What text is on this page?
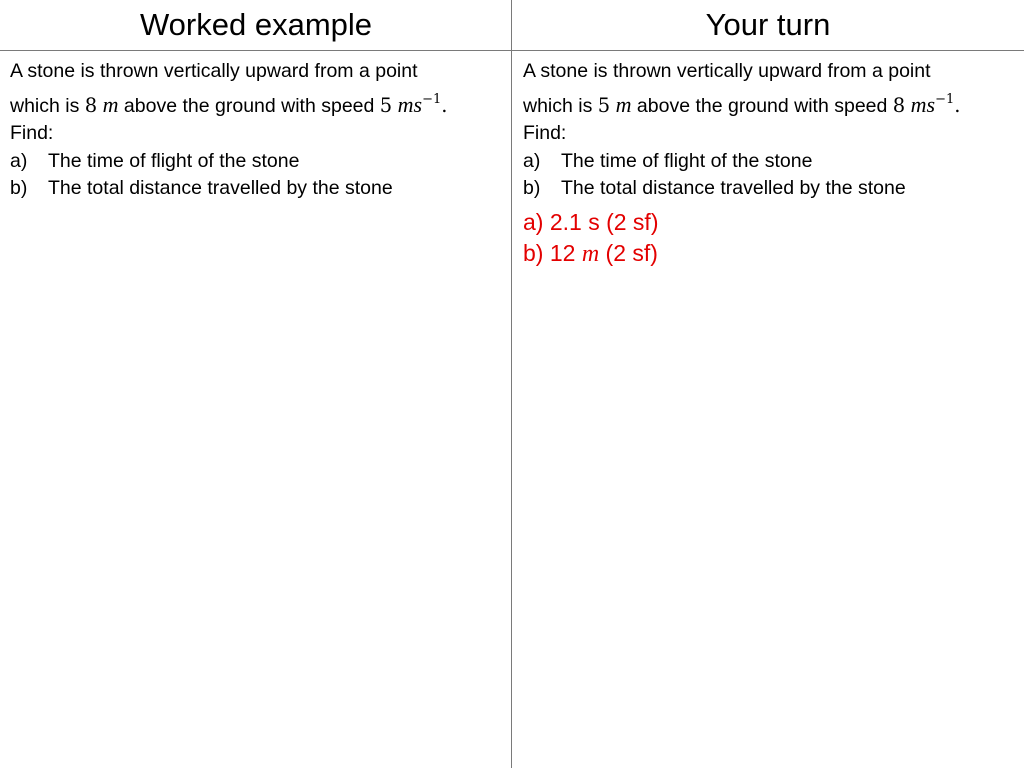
Worked example
A stone is thrown vertically upward from a point
which is 8 m above the ground with speed 5 $ms^{-1}$.
Find:
a)	The time of flight of the stone
b)	The total distance travelled by the stone
Your turn
A stone is thrown vertically upward from a point
which is 5 m above the ground with speed 8 $ms^{-1}$.
Find:
a)	The time of flight of the stone
b)	The total distance travelled by the stone
a) 2.1 s (2 sf)
b) 12 m (2 sf)
